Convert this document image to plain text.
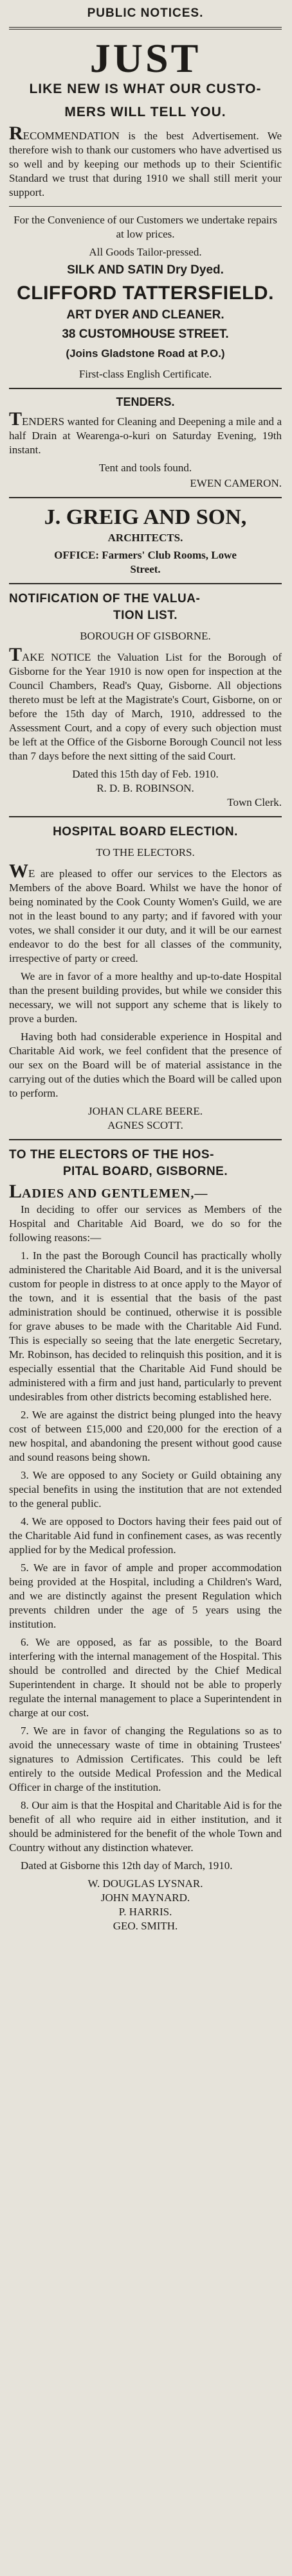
PUBLIC NOTICES.
JUST
LIKE NEW IS WHAT OUR CUSTO-
MERS WILL TELL YOU.

RECOMMENDATION is the best Advertisement. We therefore wish to thank our customers who have advertised us so well and by keeping our methods up to their Scientific Standard we trust that during 1910 we shall still merit your support.

For the Convenience of our Customers we undertake repairs at low prices.

All Goods Tailor-pressed.
SILK AND SATIN Dry Dyed.
CLIFFORD TATTERSFIELD.
ART DYER AND CLEANER.
38 CUSTOMHOUSE STREET.
(Joins Gladstone Road at P.O.)
First-class English Certificate.
TENDERS.

TENDERS wanted for Cleaning and Deepening a mile and a half Drain at Wearenga-o-kuri on Saturday Evening, 19th instant.

Tent and tools found.
EWEN CAMERON.
J. GREIG AND SON,
ARCHITECTS.
OFFICE: Farmers' Club Rooms, Lowe
Street.
NOTIFICATION OF THE VALUA-
TION LIST.
BOROUGH OF GISBORNE.

TAKE NOTICE the Valuation List for the Borough of Gisborne for the Year 1910 is now open for inspection at the Council Chambers, Read's Quay, Gisborne. All objections thereto must be left at the Magistrate's Court, Gisborne, on or before the 15th day of March, 1910, addressed to the Assessment Court, and a copy of every such objection must be left at the Office of the Gisborne Borough Council not less than 7 days before the next sitting of the said Court.

Dated this 15th day of Feb. 1910.

R. D. B. ROBINSON.
Town Clerk.
HOSPITAL BOARD ELECTION.
TO THE ELECTORS.

WE are pleased to offer our services to the Electors as Members of the above Board. Whilst we have the honor of being nominated by the Cook County Women's Guild, we are not in the least bound to any party; and if favored with your votes, we shall consider it our duty, and it will be our earnest endeavor to do the best for all classes of the community, irrespective of party or creed.

We are in favor of a more healthy and up-to-date Hospital than the present building provides, but while we consider this necessary, we will not support any scheme that is likely to prove a burden.

Having both had considerable experience in Hospital and Charitable Aid work, we feel confident that the presence of our sex on the Board will be of material assistance in the carrying out of the duties which the Board will be called upon to perform.

JOHAN CLARE BEERE.
AGNES SCOTT.
TO THE ELECTORS OF THE HOS-
PITAL BOARD, GISBORNE.

LADIES AND GENTLEMEN,—

In deciding to offer our services as Members of the Hospital and Charitable Aid Board, we do so for the following reasons:—

1. In the past the Borough Council has practically wholly administered the Charitable Aid Board, and it is the universal custom for people in distress to at once apply to the Mayor of the town, and it is essential that the basis of the past administration should be continued, otherwise it is possible for grave abuses to be made with the Charitable Aid Fund. This is especially so seeing that the late energetic Secretary, Mr. Robinson, has decided to relinquish this position, and it is especially essential that the Charitable Aid Fund should be administered with a firm and just hand, particularly to prevent undesirables from other districts becoming established here.

2. We are against the district being plunged into the heavy cost of between £15,000 and £20,000 for the erection of a new hospital, and abandoning the present without good cause and sound reasons being shown.

3. We are opposed to any Society or Guild obtaining any special benefits in using the institution that are not extended to the general public.

4. We are opposed to Doctors having their fees paid out of the Charitable Aid fund in confinement cases, as was recently applied for by the Medical profession.

5. We are in favor of ample and proper accommodation being provided at the Hospital, including a Children's Ward, and we are distinctly against the present Regulation which prevents children under the age of 5 years using the institution.

6. We are opposed, as far as possible, to the Board interfering with the internal management of the Hospital. This should be controlled and directed by the Chief Medical Superintendent in charge. It should not be able to properly regulate the internal management to place a Superintendent in charge at our cost.

7. We are in favor of changing the Regulations so as to avoid the unnecessary waste of time in obtaining Trustees' signatures to Admission Certificates. This could be left entirely to the outside Medical Profession and the Medical Officer in charge of the institution.

8. Our aim is that the Hospital and Charitable Aid is for the benefit of all who require aid in either institution, and it should be administered for the benefit of the whole Town and Country without any distinction whatever.

Dated at Gisborne this 12th day of March, 1910.

W. DOUGLAS LYSNAR.
JOHN MAYNARD.
P. HARRIS.
GEO. SMITH.
